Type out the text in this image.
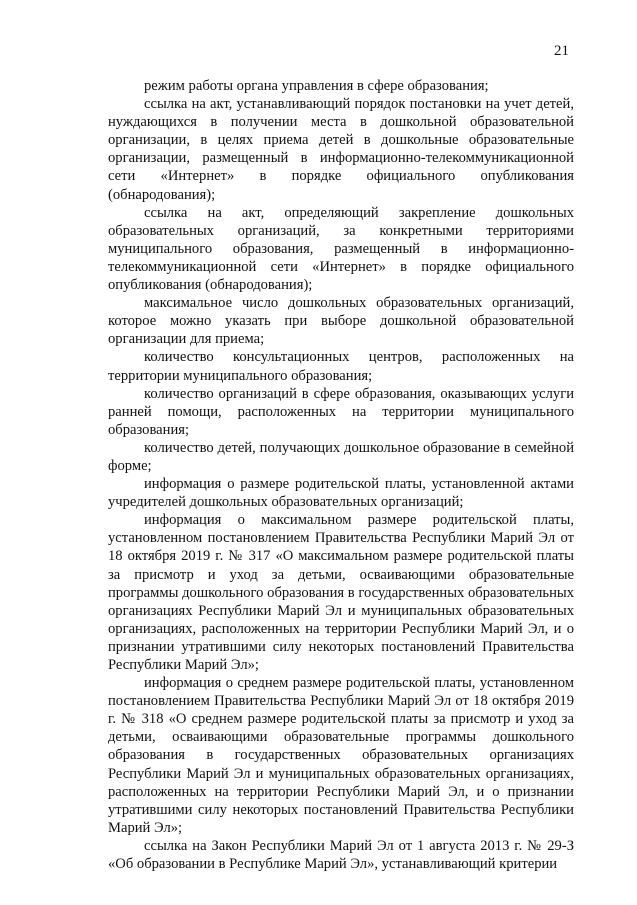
21

режим работы органа управления в сфере образования;

ссылка на акт, устанавливающий порядок постановки на учет детей, нуждающихся в получении места в дошкольной образовательной организации, в целях приема детей в дошкольные образовательные организации, размещенный в информационно-телекоммуникационной сети «Интернет» в порядке официального опубликования (обнародования);

ссылка на акт, определяющий закрепление дошкольных образовательных организаций, за конкретными территориями муниципального образования, размещенный в информационно-телекоммуникационной сети «Интернет» в порядке официального опубликования (обнародования);

максимальное число дошкольных образовательных организаций, которое можно указать при выборе дошкольной образовательной организации для приема;

количество консультационных центров, расположенных на территории муниципального образования;

количество организаций в сфере образования, оказывающих услуги ранней помощи, расположенных на территории муниципального образования;

количество детей, получающих дошкольное образование в семейной форме;

информация о размере родительской платы, установленной актами учредителей дошкольных образовательных организаций;

информация о максимальном размере родительской платы, установленном постановлением Правительства Республики Марий Эл от 18 октября 2019 г. № 317 «О максимальном размере родительской платы за присмотр и уход за детьми, осваивающими образовательные программы дошкольного образования в государственных образовательных организациях Республики Марий Эл и муниципальных образовательных организациях, расположенных на территории Республики Марий Эл, и о признании утратившими силу некоторых постановлений Правительства Республики Марий Эл»;

информация о среднем размере родительской платы, установленном постановлением Правительства Республики Марий Эл от 18 октября 2019 г. № 318 «О среднем размере родительской платы за присмотр и уход за детьми, осваивающими образовательные программы дошкольного образования в государственных образовательных организациях Республики Марий Эл и муниципальных образовательных организациях, расположенных на территории Республики Марий Эл, и о признании утратившими силу некоторых постановлений Правительства Республики Марий Эл»;

ссылка на Закон Республики Марий Эл от 1 августа 2013 г. № 29-З «Об образовании в Республике Марий Эл», устанавливающий критерии
